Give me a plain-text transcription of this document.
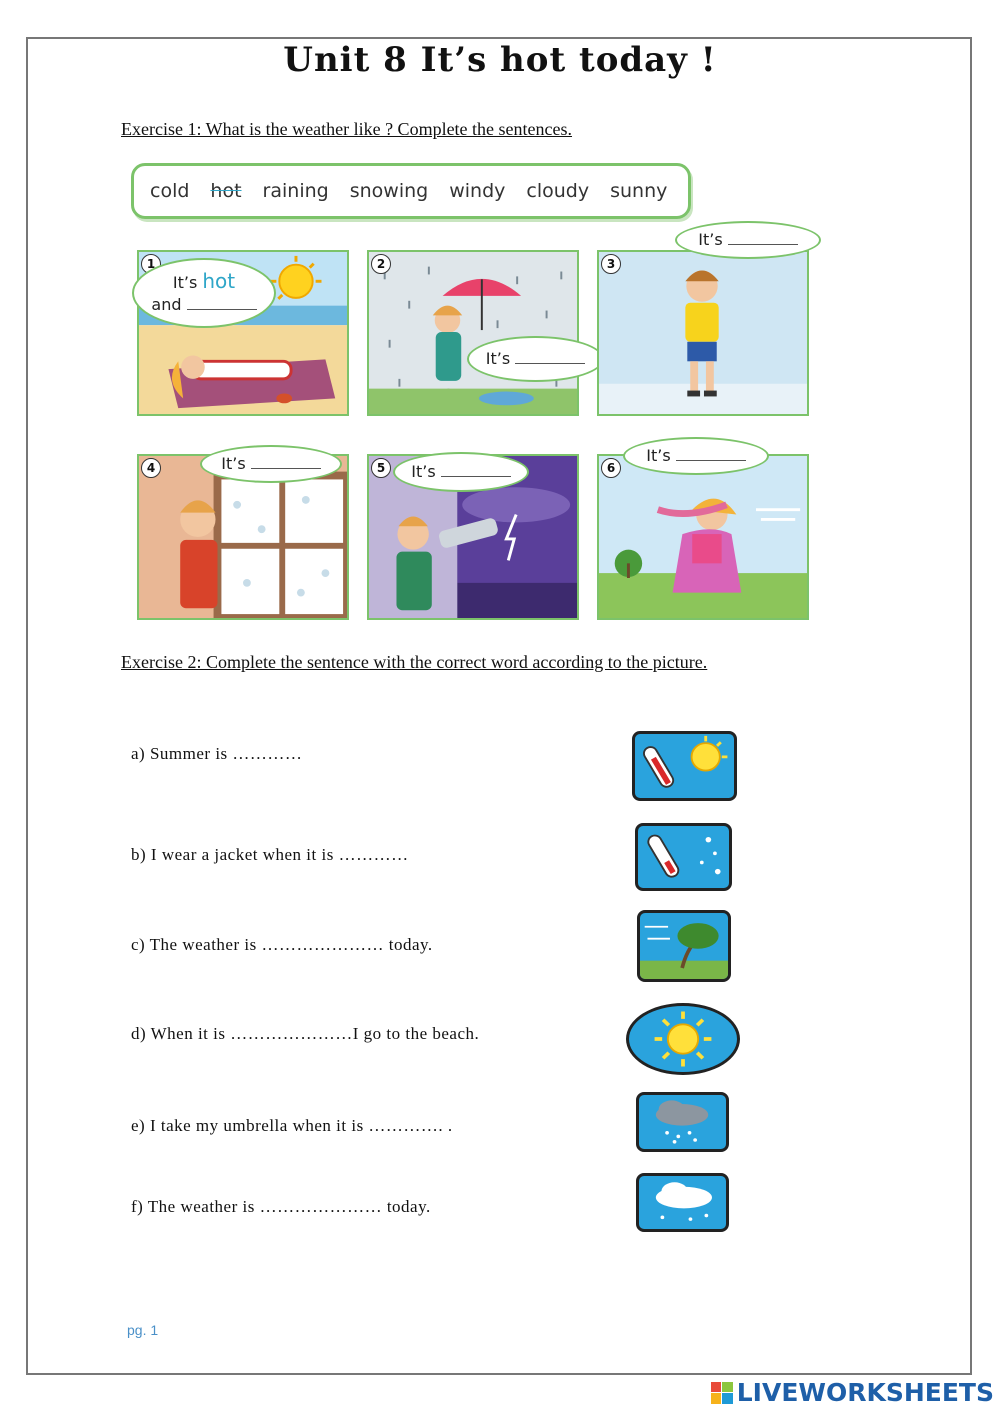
Unit 8 It’s hot today !
Exercise 1: What is the weather like ? Complete the sentences.
cold hot raining snowing windy cloudy sunny
1
It’s hot
and
2
It’s
3
It’s
4	It’s	5	It’s	6
It’s
Exercise 2: Complete the sentence with the correct word according to the picture.
a) Summer is …………
b) I wear a jacket when it is …………
c) The weather is ………………… today.
d) When it is …………………I go to the beach.
e) I take my umbrella when it is …………. .
f) The weather is ………………… today.
pg. 1
LIVEWORKSHEETS
